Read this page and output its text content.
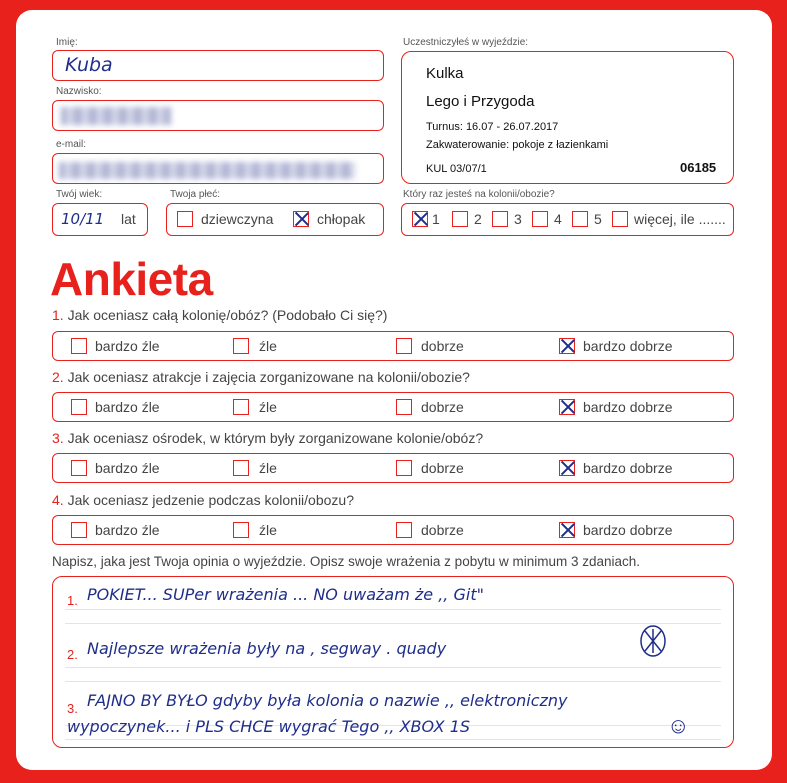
Imię:
Kuba
Nazwisko:
e-mail:
Twój wiek:
10/11 lat
Twoja płeć:
dziewczyna	chłopak
Uczestniczyłeś w wyjeździe:
Kulka
Lego i Przygoda
Turnus: 16.07 - 26.07.2017
Zakwaterowanie: pokoje z łazienkami
KUL 03/07/1	06185
Który raz jesteś na kolonii/obozie?
1 2 3 4 5 więcej, ile .......
Ankieta
1. Jak oceniasz całą kolonię/obóz? (Podobało Ci się?)
bardzo źle	źle	dobrze	bardzo dobrze
2. Jak oceniasz atrakcje i zajęcia zorganizowane na kolonii/obozie?
bardzo źle	źle	dobrze	bardzo dobrze
3. Jak oceniasz ośrodek, w którym były zorganizowane kolonie/obóz?
bardzo źle	źle	dobrze	bardzo dobrze
4. Jak oceniasz jedzenie podczas kolonii/obozu?
bardzo źle	źle	dobrze	bardzo dobrze
Napisz, jaka jest Twoja opinia o wyjeździe. Opisz swoje wrażenia z pobytu w minimum 3 zdaniach.
1. POKIET... SUPer wrażenia ... NO uważam że ,, Git"
2. Najlepsze wrażenia były na , segway . quady
3. FAJNO BY BYŁO gdyby była kolonia o nazwie ,, elektroniczny
wypoczynek... i PLS CHCE wygrać Tego ,, XBOX 1S	☺
